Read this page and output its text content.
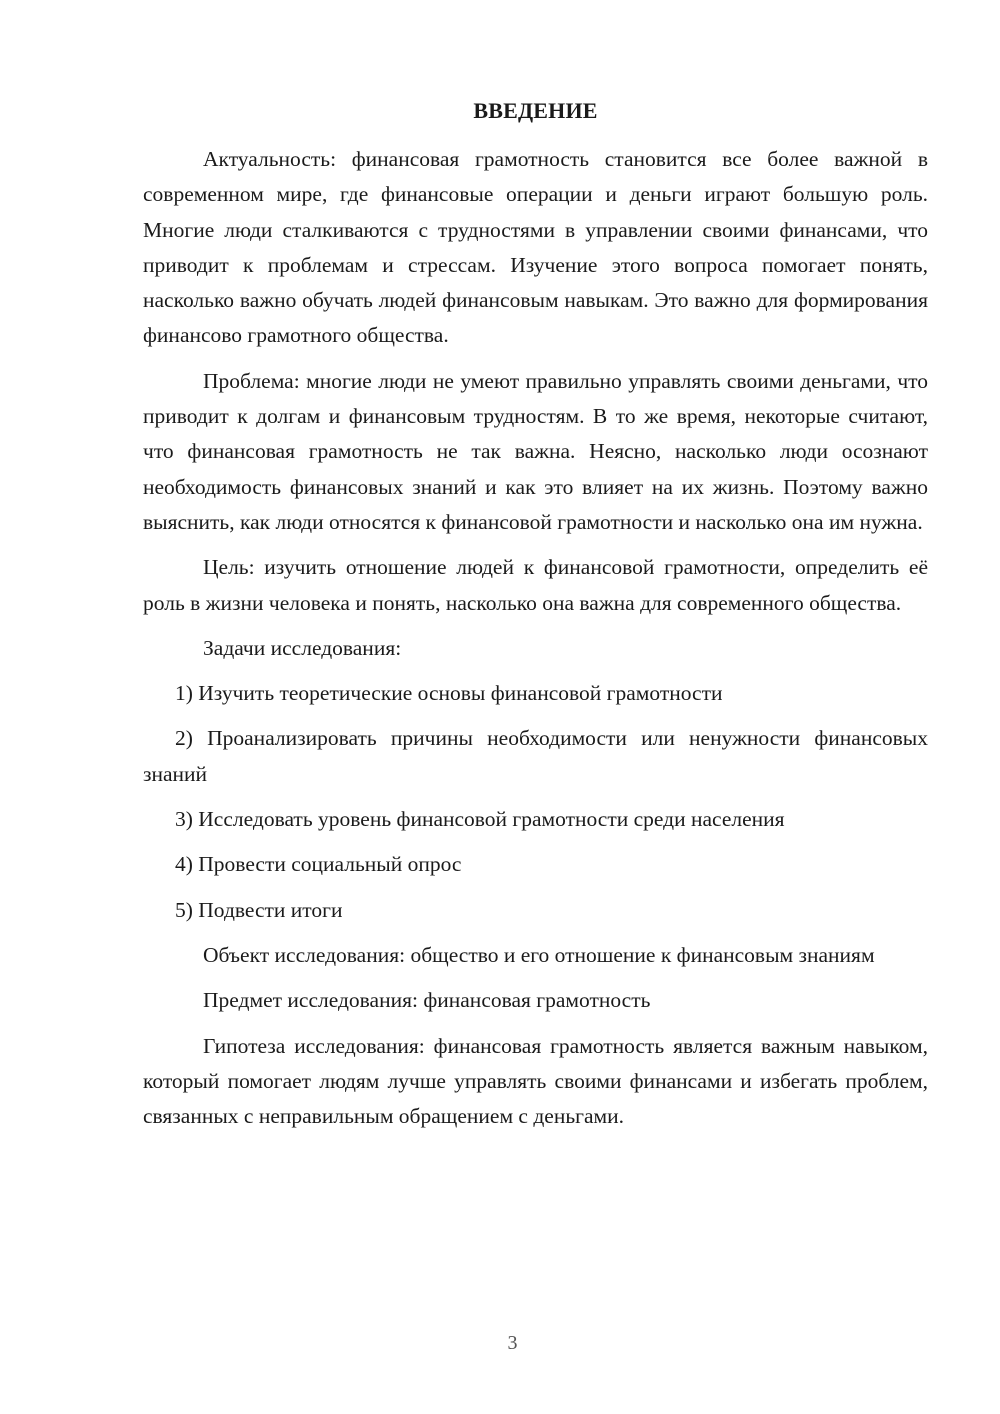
ВВЕДЕНИЕ

Актуальность: финансовая грамотность становится все более важной в современном мире, где финансовые операции и деньги играют большую роль. Многие люди сталкиваются с трудностями в управлении своими финансами, что приводит к проблемам и стрессам. Изучение этого вопроса помогает понять, насколько важно обучать людей финансовым навыкам. Это важно для формирования финансово грамотного общества.

Проблема: многие люди не умеют правильно управлять своими деньгами, что приводит к долгам и финансовым трудностям. В то же время, некоторые считают, что финансовая грамотность не так важна. Неясно, насколько люди осознают необходимость финансовых знаний и как это влияет на их жизнь. Поэтому важно выяснить, как люди относятся к финансовой грамотности и насколько она им нужна.

Цель: изучить отношение людей к финансовой грамотности, определить её роль в жизни человека и понять, насколько она важна для современного общества.

Задачи исследования:

1) Изучить теоретические основы финансовой грамотности

2) Проанализировать причины необходимости или ненужности финансовых знаний

3) Исследовать уровень финансовой грамотности среди населения

4) Провести социальный опрос

5) Подвести итоги

Объект исследования: общество и его отношение к финансовым знаниям

Предмет исследования: финансовая грамотность

Гипотеза исследования: финансовая грамотность является важным навыком, который помогает людям лучше управлять своими финансами и избегать проблем, связанных с неправильным обращением с деньгами.

3
